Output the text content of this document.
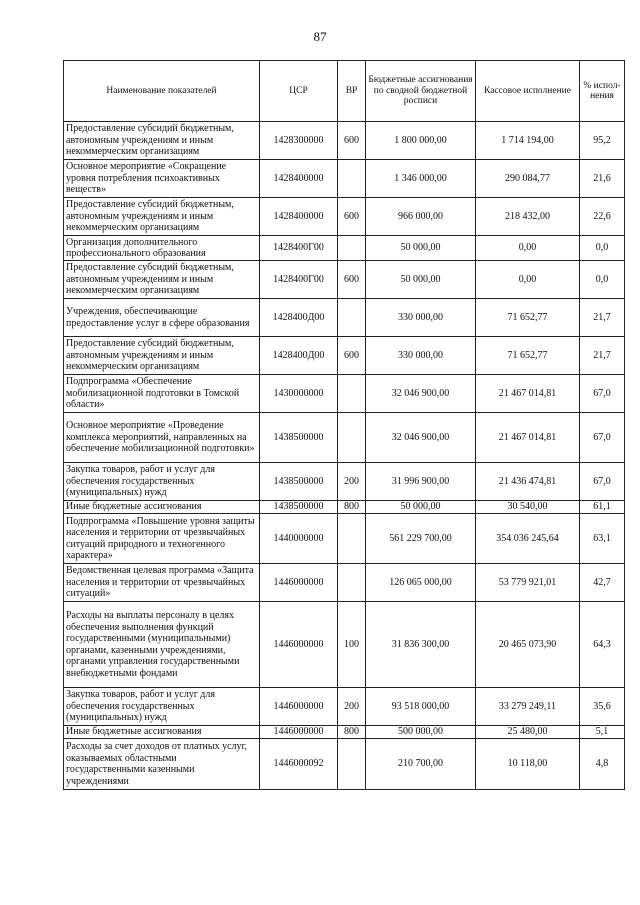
87
Наименование показателей	ЦСР	ВР	Бюджетные ассигнования по сводной бюджетной росписи	Кассовое исполнение	% испол-нения
Предоставление субсидий бюджетным, автономным учреждениям и иным некоммерческим организациям	1428300000	600	1 800 000,00	1 714 194,00	95,2
Основное мероприятие «Сокращение уровня потребления психоактивных веществ»	1428400000		1 346 000,00	290 084,77	21,6
Предоставление субсидий бюджетным, автономным учреждениям и иным некоммерческим организациям	1428400000	600	966 000,00	218 432,00	22,6
Организация дополнительного профессионального образования	1428400Г00		50 000,00	0,00	0,0
Предоставление субсидий бюджетным, автономным учреждениям и иным некоммерческим организациям	1428400Г00	600	50 000,00	0,00	0,0
Учреждения, обеспечивающие предоставление услуг в сфере образования	1428400Д00		330 000,00	71 652,77	21,7
Предоставление субсидий бюджетным, автономным учреждениям и иным некоммерческим организациям	1428400Д00	600	330 000,00	71 652,77	21,7
Подпрограмма «Обеспечение мобилизационной подготовки в Томской области»	1430000000		32 046 900,00	21 467 014,81	67,0
Основное мероприятие «Проведение комплекса мероприятий, направленных на обеспечение мобилизационной подготовки»	1438500000		32 046 900,00	21 467 014,81	67,0
Закупка товаров, работ и услуг для обеспечения государственных (муниципальных) нужд	1438500000	200	31 996 900,00	21 436 474,81	67,0
Иные бюджетные ассигнования	1438500000	800	50 000,00	30 540,00	61,1
Подпрограмма «Повышение уровня защиты населения и территории от чрезвычайных ситуаций природного и техногенного характера»	1440000000		561 229 700,00	354 036 245,64	63,1
Ведомственная целевая программа «Защита населения и территории от чрезвычайных ситуаций»	1446000000		126 065 000,00	53 779 921,01	42,7
Расходы на выплаты персоналу в целях обеспечения выполнения функций государственными (муниципальными) органами, казенными учреждениями, органами управления государственными внебюджетными фондами	1446000000	100	31 836 300,00	20 465 073,90	64,3
Закупка товаров, работ и услуг для обеспечения государственных (муниципальных) нужд	1446000000	200	93 518 000,00	33 279 249,11	35,6
Иные бюджетные ассигнования	1446000000	800	500 000,00	25 480,00	5,1
Расходы за счет доходов от платных услуг, оказываемых областными государственными казенными учреждениями	1446000092		210 700,00	10 118,00	4,8
